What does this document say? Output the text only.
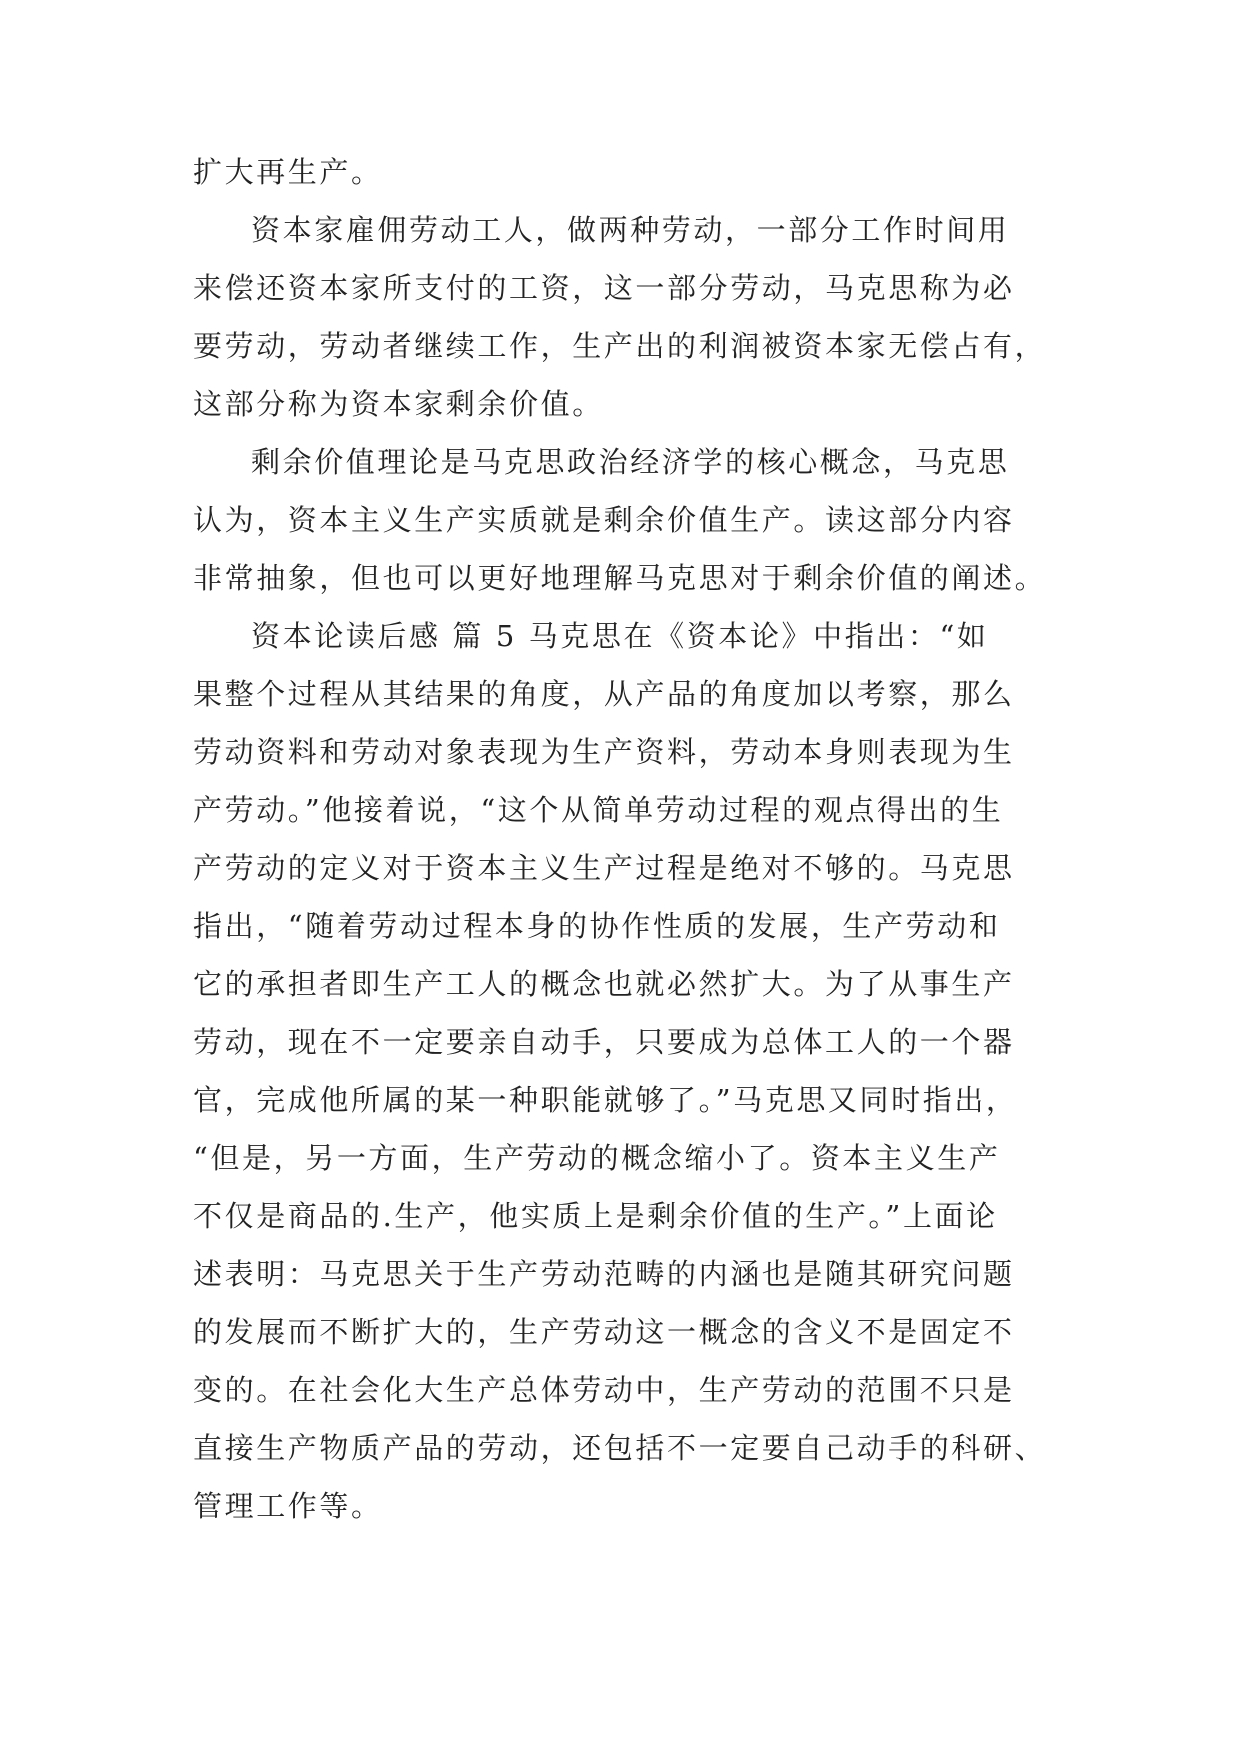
扩大再生产。
资本家雇佣劳动工人，做两种劳动，一部分工作时间用
来偿还资本家所支付的工资，这一部分劳动，马克思称为必
要劳动，劳动者继续工作，生产出的利润被资本家无偿占有，
这部分称为资本家剩余价值。
剩余价值理论是马克思政治经济学的核心概念，马克思
认为，资本主义生产实质就是剩余价值生产。读这部分内容
非常抽象，但也可以更好地理解马克思对于剩余价值的阐述。
资本论读后感 篇 5 马克思在《资本论》中指出：“如
果整个过程从其结果的角度，从产品的角度加以考察，那么
劳动资料和劳动对象表现为生产资料，劳动本身则表现为生
产劳动。”他接着说，“这个从简单劳动过程的观点得出的生
产劳动的定义对于资本主义生产过程是绝对不够的。马克思
指出，“随着劳动过程本身的协作性质的发展，生产劳动和
它的承担者即生产工人的概念也就必然扩大。为了从事生产
劳动，现在不一定要亲自动手，只要成为总体工人的一个器
官，完成他所属的某一种职能就够了。”马克思又同时指出，
“但是，另一方面，生产劳动的概念缩小了。资本主义生产
不仅是商品的.生产，他实质上是剩余价值的生产。”上面论
述表明：马克思关于生产劳动范畴的内涵也是随其研究问题
的发展而不断扩大的，生产劳动这一概念的含义不是固定不
变的。在社会化大生产总体劳动中，生产劳动的范围不只是
直接生产物质产品的劳动，还包括不一定要自己动手的科研、
管理工作等。
